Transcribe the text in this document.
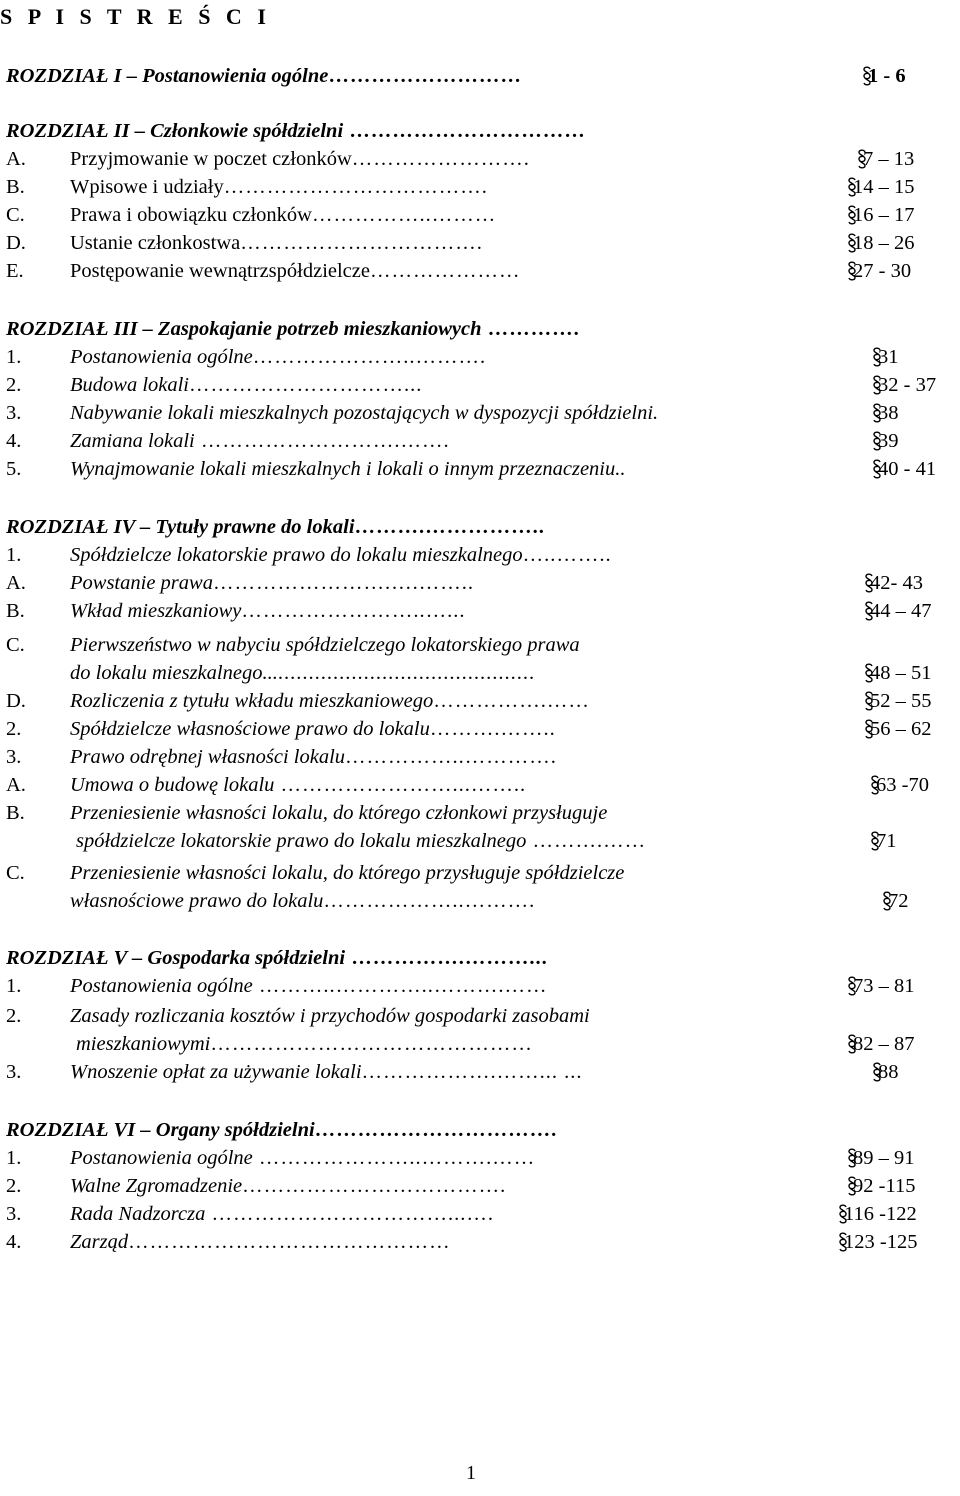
S P I S T R E Ś C I
ROZDZIAŁ I – Postanowienia ogólne………………………	1 - 6
ROZDZIAŁ II – Członkowie spółdzielni ……………………………
A. Przyjmowanie w poczet członków…………………….	7 – 13
B. Wpisowe i udziały……………………………….	14 – 15
C. Prawa i obowiązku członków……………..………	16 – 17
D. Ustanie członkostwa…………………………….	18 – 26
E. Postępowanie wewnątrzspółdzielcze…………………	27 - 30
ROZDZIAŁ III – Zaspokajanie potrzeb mieszkaniowych ………….
1. Postanowienia ogólne…………………..……….	31
2. Budowa lokali…………………………...	32 - 37
3. Nabywanie lokali mieszkalnych pozostających w dyspozycji spółdzielni.	38
4. Zamiana lokali ……………………….…….	39
5. Wynajmowanie lokali mieszkalnych i lokali o innym przeznaczeniu..	40 - 41
ROZDZIAŁ IV – Tytuły prawne do lokali……….……………..
1. Spółdzielcze lokatorskie prawo do lokalu mieszkalnego…..……..
A. Powstanie prawa…………………….….……..	42- 43
B. Wkład mieszkaniowy……………………..…...	44 – 47
C. Pierwszeństwo w nabyciu spółdzielczego lokatorskiego prawa
do lokalu mieszkalnego.............................................	48 – 51
D. Rozliczenia z tytułu wkładu mieszkaniowego…………….……	52 – 55
2. Spółdzielcze własnościowe prawo do lokalu……….……..	56 – 62
3. Prawo odrębnej własności lokalu……………..………….
A. Umowa o budowę lokalu ……………………...……..	63 -70
B. Przeniesienie własności lokalu, do którego członkowi przysługuje
spółdzielcze lokatorskie prawo do lokalu mieszkalnego ……….……	71
C. Przeniesienie własności lokalu, do którego przysługuje spółdzielcze
własnościowe prawo do lokalu………………..……….	72
ROZDZIAŁ V – Gospodarka spółdzielni …………….………...
1. Postanowienia ogólne ………..…………..……….……	73 – 81
2. Zasady rozliczania kosztów i przychodów gospodarki zasobami
mieszkaniowymi………………………………………	82 – 87
3. Wnoszenie opłat za używanie lokali……………….……... ...	88
ROZDZIAŁ VI – Organy spółdzielni…………………………….
1. Postanowienia ogólne …………………..……….……	89 – 91
2. Walne Zgromadzenie……………………………….	92 -115
3. Rada Nadzorcza ……………………………...….	116 -122
4. Zarząd………………………………………	123 -125
1
